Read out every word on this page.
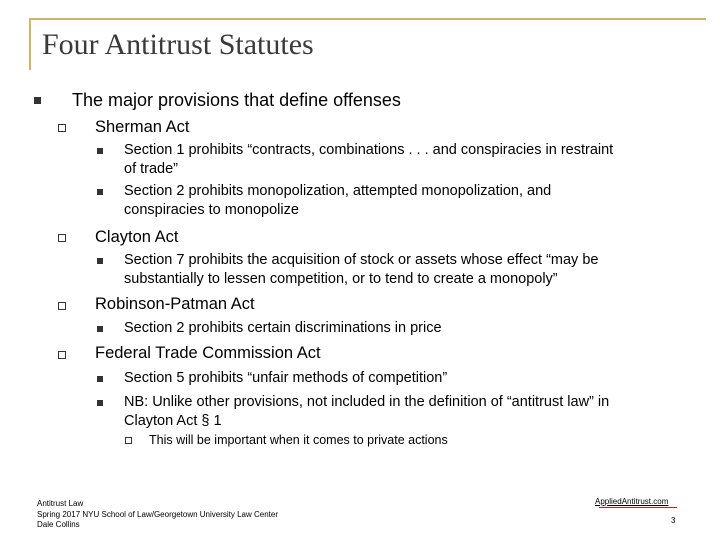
Four Antitrust Statutes
The major provisions that define offenses
Sherman Act
Section 1 prohibits “contracts, combinations . . . and conspiracies in restraint
of trade”
Section 2 prohibits monopolization, attempted monopolization, and
conspiracies to monopolize
Clayton Act
Section 7 prohibits the acquisition of stock or assets whose effect “may be
substantially to lessen competition, or to tend to create a monopoly”
Robinson-Patman Act
Section 2 prohibits certain discriminations in price
Federal Trade Commission Act
Section 5 prohibits “unfair methods of competition”
NB: Unlike other provisions, not included in the definition of “antitrust law” in
Clayton Act § 1
This will be important when it comes to private actions
Antitrust Law
Spring 2017 NYU School of Law/Georgetown University Law Center
Dale Collins
AppliedAntitrust.com
3
